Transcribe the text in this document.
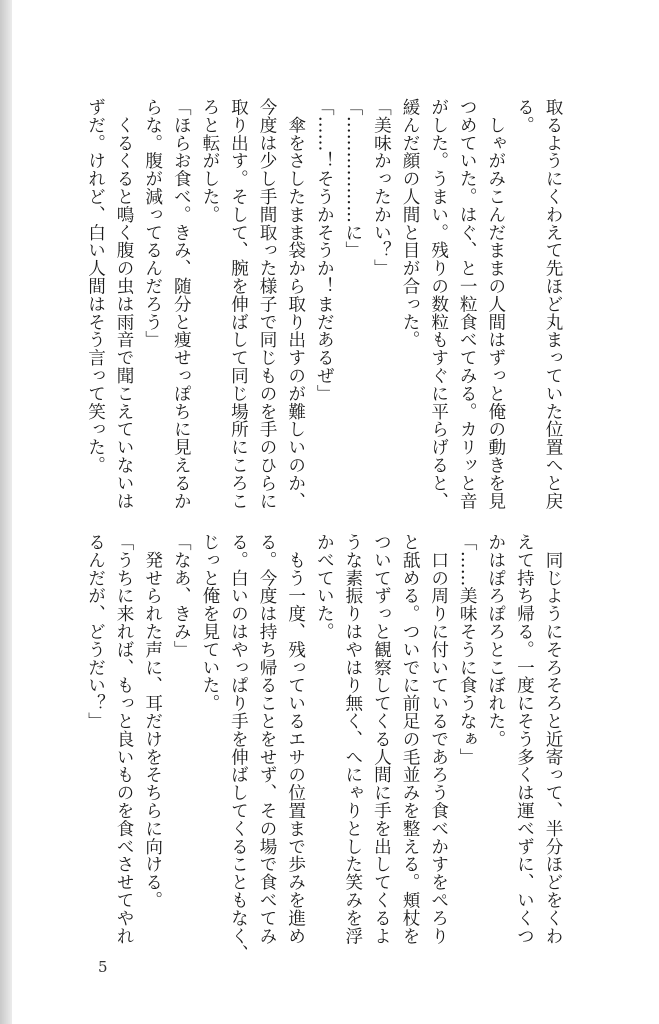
取るようにくわえて先ほど丸まっていた位置へと戻

る。

　しゃがみこんだままの人間はずっと俺の動きを見

つめていた。はぐ、と一粒食べてみる。カリッと音

がした。うまい。残りの数粒もすぐに平らげると、

緩んだ顔の人間と目が合った。

「美味かったかい？」

「………………に」

「……！そうかそうか！まだあるぜ」

　傘をさしたまま袋から取り出すのが難しいのか、

今度は少し手間取った様子で同じものを手のひらに

取り出す。そして、腕を伸ばして同じ場所にころこ

ろと転がした。

「ほらお食べ。きみ、随分と痩せっぽちに見えるか

らな。腹が減ってるんだろう」

　くるくると鳴く腹の虫は雨音で聞こえていないは

ずだ。けれど、白い人間はそう言って笑った。

　同じようにそろそろと近寄って、半分ほどをくわ

えて持ち帰る。一度にそう多くは運べずに、いくつ

かはぽろぽろとこぼれた。

「……美味そうに食うなぁ」

　口の周りに付いているであろう食べかすをぺろり

と舐める。ついでに前足の毛並みを整える。頬杖を

ついてずっと観察してくる人間に手を出してくるよ

うな素振りはやはり無く、へにゃりとした笑みを浮

かべていた。

　もう一度、残っているエサの位置まで歩みを進め

る。今度は持ち帰ることをせず、その場で食べてみ

る。白いのはやっぱり手を伸ばしてくることもなく、

じっと俺を見ていた。

「なあ、きみ」

　発せられた声に、耳だけをそちらに向ける。

「うちに来れば、もっと良いものを食べさせてやれ

るんだが、どうだい？」

5
